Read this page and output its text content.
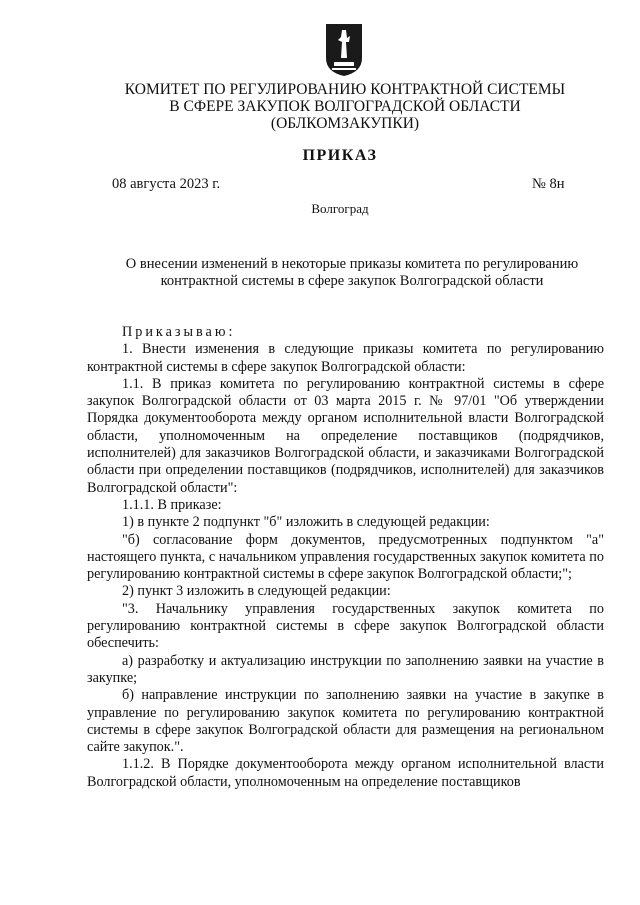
КОМИТЕТ ПО РЕГУЛИРОВАНИЮ КОНТРАКТНОЙ СИСТЕМЫ
В СФЕРЕ ЗАКУПОК ВОЛГОГРАДСКОЙ ОБЛАСТИ
(ОБЛКОМЗАКУПКИ)
ПРИКАЗ
08 августа 2023 г.	№ 8н
Волгоград
О внесении изменений в некоторые приказы комитета по регулированию
контрактной системы в сфере закупок Волгоградской области

Приказываю:

1. Внести изменения в следующие приказы комитета по регулированию контрактной системы в сфере закупок Волгоградской области:

1.1. В приказ комитета по регулированию контрактной системы в сфере закупок Волгоградской области от 03 марта 2015 г. № 97/01 "Об утверждении Порядка документооборота между органом исполнительной власти Волгоградской области, уполномоченным на определение поставщиков (подрядчиков, исполнителей) для заказчиков Волгоградской области, и заказчиками Волгоградской области при определении поставщиков (подрядчиков, исполнителей) для заказчиков Волгоградской области":

1.1.1. В приказе:

1) в пункте 2 подпункт "б" изложить в следующей редакции:

"б) согласование форм документов, предусмотренных подпунктом "а" настоящего пункта, с начальником управления государственных закупок комитета по регулированию контрактной системы в сфере закупок Волгоградской области;";

2) пункт 3 изложить в следующей редакции:

"3. Начальнику управления государственных закупок комитета по регулированию контрактной системы в сфере закупок Волгоградской области обеспечить:

а) разработку и актуализацию инструкции по заполнению заявки на участие в закупке;

б) направление инструкции по заполнению заявки на участие в закупке в управление по регулированию закупок комитета по регулированию контрактной системы в сфере закупок Волгоградской области для размещения на региональном сайте закупок.".

1.1.2. В Порядке документооборота между органом исполнительной власти Волгоградской области, уполномоченным на определение поставщиков
